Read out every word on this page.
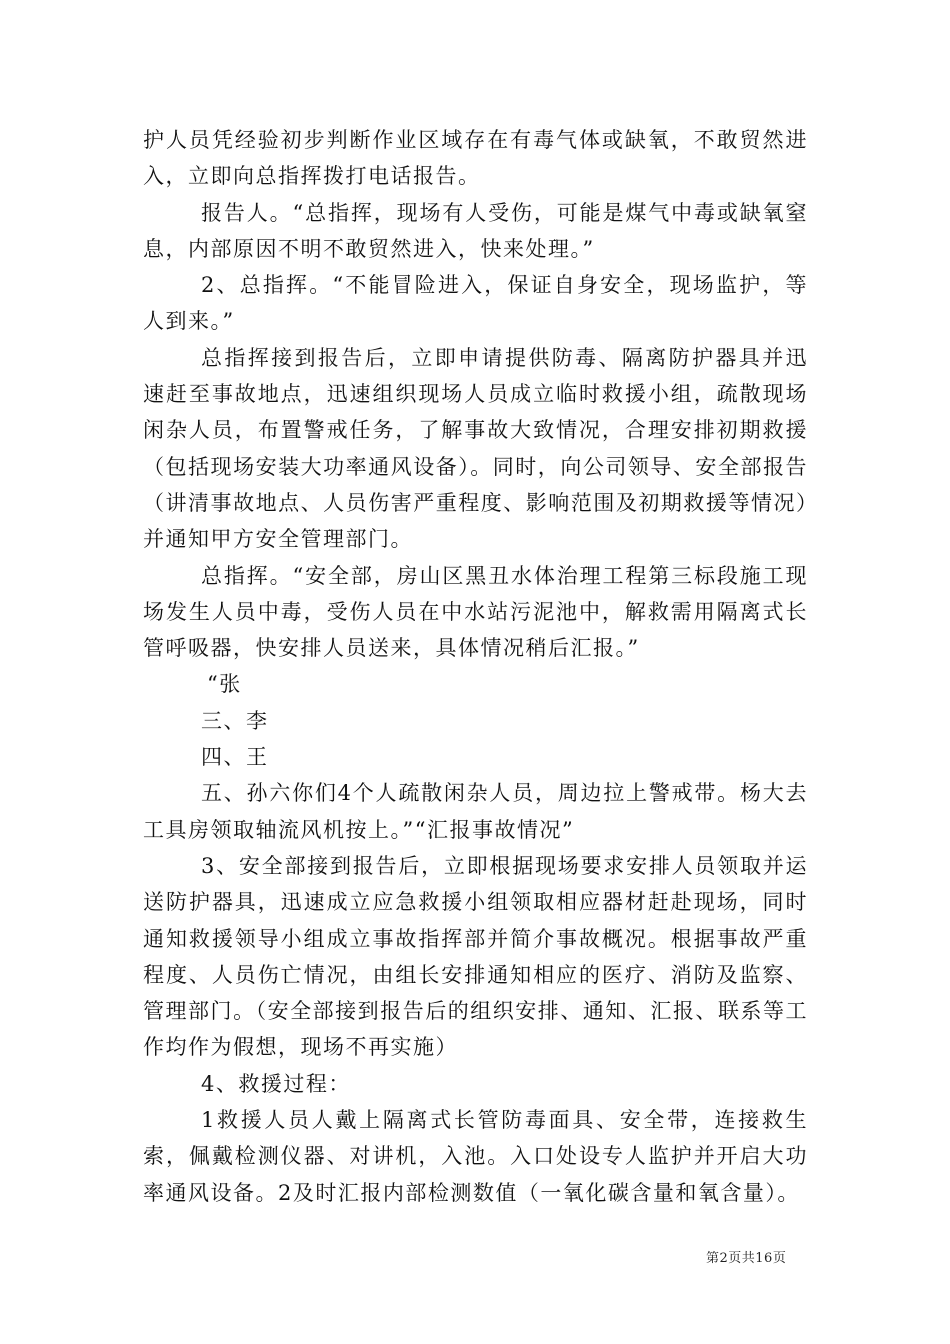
护人员凭经验初步判断作业区域存在有毒气体或缺氧，不敢贸然进入，立即向总指挥拨打电话报告。

报告人。“总指挥，现场有人受伤，可能是煤气中毒或缺氧窒息，内部原因不明不敢贸然进入，快来处理。”

2、总指挥。“不能冒险进入，保证自身安全，现场监护，等人到来。”

总指挥接到报告后，立即申请提供防毒、隔离防护器具并迅速赶至事故地点，迅速组织现场人员成立临时救援小组，疏散现场闲杂人员，布置警戒任务，了解事故大致情况，合理安排初期救援（包括现场安装大功率通风设备）。同时，向公司领导、安全部报告（讲清事故地点、人员伤害严重程度、影响范围及初期救援等情况）并通知甲方安全管理部门。

总指挥。“安全部，房山区黑丑水体治理工程第三标段施工现场发生人员中毒，受伤人员在中水站污泥池中，解救需用隔离式长管呼吸器，快安排人员送来，具体情况稍后汇报。”

“张

三、李

四、王

五、孙六你们4个人疏散闲杂人员，周边拉上警戒带。杨大去工具房领取轴流风机按上。”“汇报事故情况”

3、安全部接到报告后，立即根据现场要求安排人员领取并运送防护器具，迅速成立应急救援小组领取相应器材赶赴现场，同时通知救援领导小组成立事故指挥部并简介事故概况。根据事故严重程度、人员伤亡情况，由组长安排通知相应的医疗、消防及监察、管理部门。（安全部接到报告后的组织安排、通知、汇报、联系等工作均作为假想，现场不再实施）

4、救援过程：

1救援人员人戴上隔离式长管防毒面具、安全带，连接救生索，佩戴检测仪器、对讲机，入池。入口处设专人监护并开启大功率通风设备。2及时汇报内部检测数值（一氧化碳含量和氧含量）。

第2页共16页
